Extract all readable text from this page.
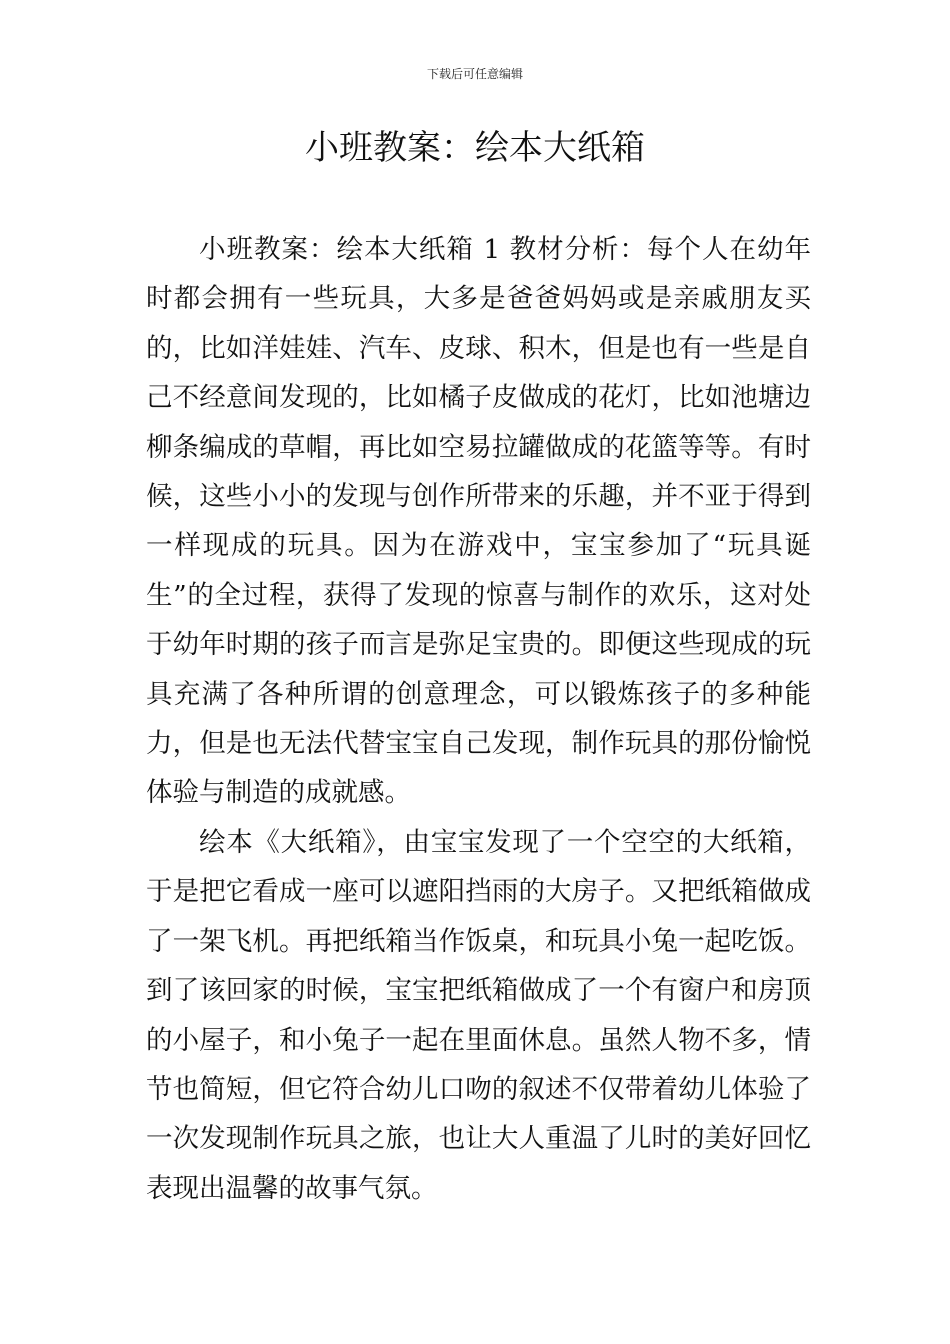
下载后可任意编辑
小班教案：绘本大纸箱

小班教案：绘本大纸箱 1 教材分析：每个人在幼年时都会拥有一些玩具，大多是爸爸妈妈或是亲戚朋友买的，比如洋娃娃、汽车、皮球、积木，但是也有一些是自己不经意间发现的，比如橘子皮做成的花灯，比如池塘边柳条编成的草帽，再比如空易拉罐做成的花篮等等。有时候，这些小小的发现与创作所带来的乐趣，并不亚于得到一样现成的玩具。因为在游戏中，宝宝参加了“玩具诞生”的全过程，获得了发现的惊喜与制作的欢乐，这对处于幼年时期的孩子而言是弥足宝贵的。即便这些现成的玩具充满了各种所谓的创意理念，可以锻炼孩子的多种能力，但是也无法代替宝宝自己发现，制作玩具的那份愉悦体验与制造的成就感。

绘本《大纸箱》，由宝宝发现了一个空空的大纸箱，于是把它看成一座可以遮阳挡雨的大房子。又把纸箱做成了一架飞机。再把纸箱当作饭桌，和玩具小兔一起吃饭。到了该回家的时候，宝宝把纸箱做成了一个有窗户和房顶的小屋子，和小兔子一起在里面休息。虽然人物不多，情节也简短，但它符合幼儿口吻的叙述不仅带着幼儿体验了一次发现制作玩具之旅，也让大人重温了儿时的美好回忆表现出温馨的故事气氛。
